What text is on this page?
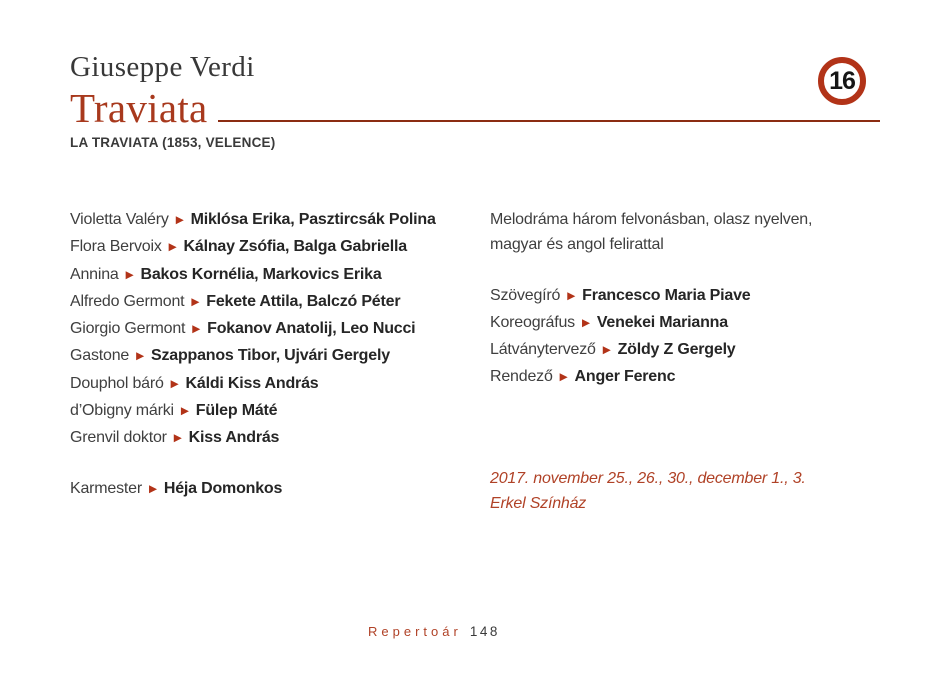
Giuseppe Verdi
Traviata
LA TRAVIATA (1853, VELENCE)
16
Violetta Valéry ▶ Miklósa Erika, Pasztircsák Polina
Flora Bervoix ▶ Kálnay Zsófia, Balga Gabriella
Annina ▶ Bakos Kornélia, Markovics Erika
Alfredo Germont ▶ Fekete Attila, Balczó Péter
Giorgio Germont ▶ Fokanov Anatolij, Leo Nucci
Gastone ▶ Szappanos Tibor, Ujvári Gergely
Douphol báró ▶ Káldi Kiss András
d’Obigny márki ▶ Fülep Máté
Grenvil doktor ▶ Kiss András
Karmester ▶ Héja Domonkos
Melodráma három felvonásban, olasz nyelven,
magyar és angol felirattal
Szövegíró ▶ Francesco Maria Piave
Koreográfus ▶ Venekei Marianna
Látványtervező ▶ Zöldy Z Gergely
Rendező ▶ Anger Ferenc
2017. november 25., 26., 30., december 1., 3.
Erkel Színház
Repertoár 148
